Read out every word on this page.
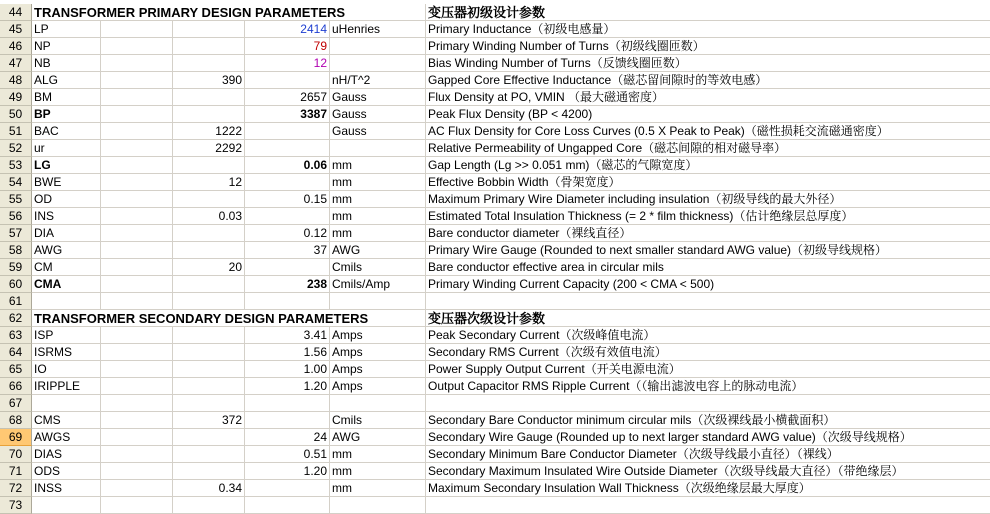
44 TRANSFORMER PRIMARY DESIGN PARAMETERS	变压器初级设计参数
45 LP	2414 uHenries	Primary Inductance（初级电感量）
46 NP	79	Primary Winding Number of Turns（初级线圈匝数）
47 NB	12	Bias Winding Number of Turns（反馈线圈匝数）
48 ALG	390	nH/T^2	Gapped Core Effective Inductance（磁芯留间隙时的等效电感）
49 BM	2657 Gauss	Flux Density at PO, VMIN （最大磁通密度）
50 BP	3387 Gauss	Peak Flux Density (BP < 4200)
51 BAC	1222	Gauss	AC Flux Density for Core Loss Curves (0.5 X Peak to Peak)（磁性损耗交流磁通密度）
52 ur	2292	Relative Permeability of Ungapped Core（磁芯间隙的相对磁导率）
53 LG	0.06 mm	Gap Length (Lg >> 0.051 mm)（磁芯的气隙宽度）
54 BWE	12	mm	Effective Bobbin Width（骨架宽度）
55 OD	0.15 mm	Maximum Primary Wire Diameter including insulation（初级导线的最大外径）
56 INS	0.03	mm	Estimated Total Insulation Thickness (= 2 * film thickness)（估计绝缘层总厚度）
57 DIA	0.12 mm	Bare conductor diameter（裸线直径）
58 AWG	37 AWG	Primary Wire Gauge (Rounded to next smaller standard AWG value)（初级导线规格）
59 CM	20	Cmils	Bare conductor effective area in circular mils
60 CMA	238 Cmils/Amp	Primary Winding Current Capacity (200 < CMA < 500)
61
62 TRANSFORMER SECONDARY DESIGN PARAMETERS	变压器次级设计参数
63 ISP	3.41 Amps	Peak Secondary Current（次级峰值电流）
64 ISRMS	1.56 Amps	Secondary RMS Current（次级有效值电流）
65 IO	1.00 Amps	Power Supply Output Current（开关电源电流）
66 IRIPPLE	1.20 Amps	Output Capacitor RMS Ripple Current（（输出滤波电容上的脉动电流）
67
68 CMS	372	Cmils	Secondary Bare Conductor minimum circular mils（次级裸线最小横截面积）
69 AWGS	24 AWG	Secondary Wire Gauge (Rounded up to next larger standard AWG value)（次级导线规格）
70 DIAS	0.51 mm	Secondary Minimum Bare Conductor Diameter（次级导线最小直径）（裸线）
71 ODS	1.20 mm	Secondary Maximum Insulated Wire Outside Diameter（次级导线最大直径）（带绝缘层）
72 INSS	0.34	mm	Maximum Secondary Insulation Wall Thickness（次级绝缘层最大厚度）
73
